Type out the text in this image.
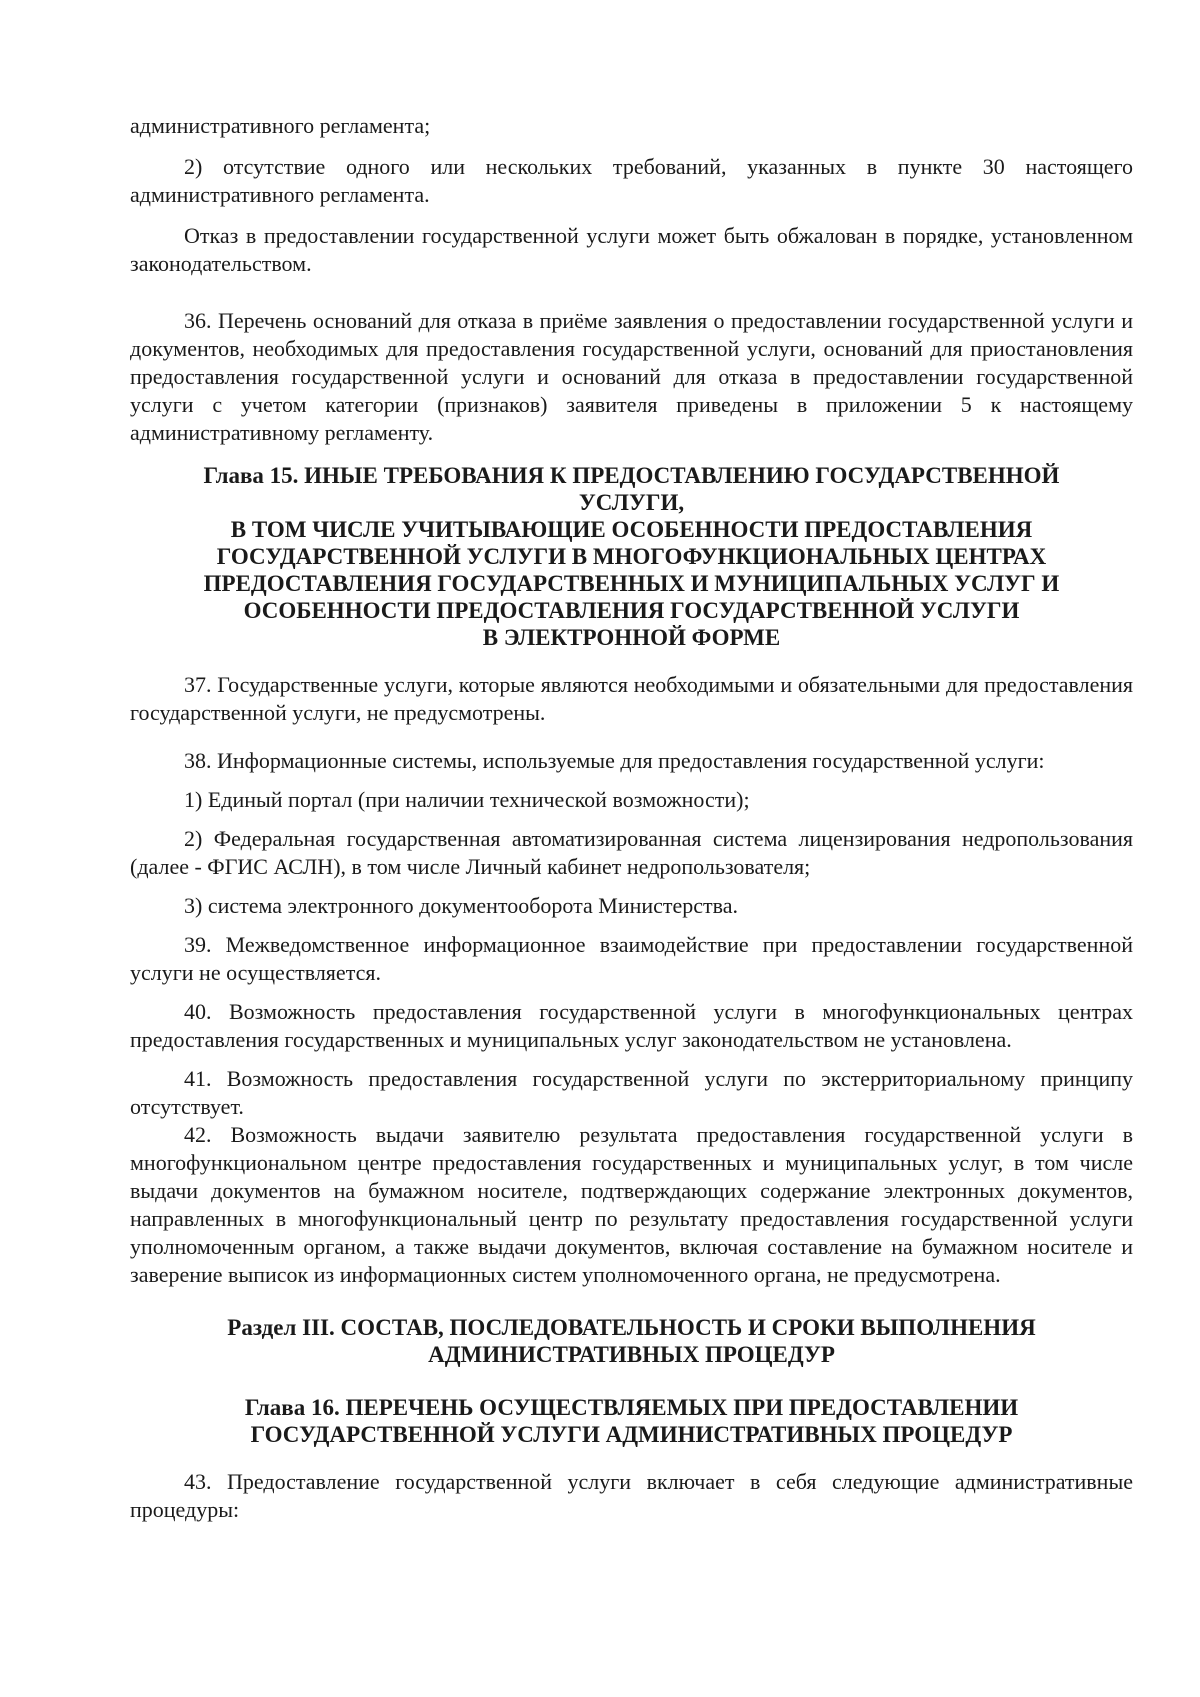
административного регламента;

2) отсутствие одного или нескольких требований, указанных в пункте 30 настоящего административного регламента.

Отказ в предоставлении государственной услуги может быть обжалован в порядке, установленном законодательством.

36. Перечень оснований для отказа в приёме заявления о предоставлении государственной услуги и документов, необходимых для предоставления государственной услуги, оснований для приостановления предоставления государственной услуги и оснований для отказа в предоставлении государственной услуги с учетом категории (признаков) заявителя приведены в приложении 5 к настоящему административному регламенту.

Глава 15. ИНЫЕ ТРЕБОВАНИЯ К ПРЕДОСТАВЛЕНИЮ ГОСУДАРСТВЕННОЙ
УСЛУГИ,
В ТОМ ЧИСЛЕ УЧИТЫВАЮЩИЕ ОСОБЕННОСТИ ПРЕДОСТАВЛЕНИЯ
ГОСУДАРСТВЕННОЙ УСЛУГИ В МНОГОФУНКЦИОНАЛЬНЫХ ЦЕНТРАХ
ПРЕДОСТАВЛЕНИЯ ГОСУДАРСТВЕННЫХ И МУНИЦИПАЛЬНЫХ УСЛУГ И
ОСОБЕННОСТИ ПРЕДОСТАВЛЕНИЯ ГОСУДАРСТВЕННОЙ УСЛУГИ
В ЭЛЕКТРОННОЙ ФОРМЕ

37. Государственные услуги, которые являются необходимыми и обязательными для предоставления государственной услуги, не предусмотрены.

38. Информационные системы, используемые для предоставления государственной услуги:

1) Единый портал (при наличии технической возможности);

2) Федеральная государственная автоматизированная система лицензирования недропользования (далее - ФГИС АСЛН), в том числе Личный кабинет недропользователя;

3) система электронного документооборота Министерства.

39. Межведомственное информационное взаимодействие при предоставлении государственной услуги не осуществляется.

40. Возможность предоставления государственной услуги в многофункциональных центрах предоставления государственных и муниципальных услуг законодательством не установлена.

41. Возможность предоставления государственной услуги по экстерриториальному принципу отсутствует.

42. Возможность выдачи заявителю результата предоставления государственной услуги в многофункциональном центре предоставления государственных и муниципальных услуг, в том числе выдачи документов на бумажном носителе, подтверждающих содержание электронных документов, направленных в многофункциональный центр по результату предоставления государственной услуги уполномоченным органом, а также выдачи документов, включая составление на бумажном носителе и заверение выписок из информационных систем уполномоченного органа, не предусмотрена.

Раздел III. СОСТАВ, ПОСЛЕДОВАТЕЛЬНОСТЬ И СРОКИ ВЫПОЛНЕНИЯ
АДМИНИСТРАТИВНЫХ ПРОЦЕДУР
Глава 16. ПЕРЕЧЕНЬ ОСУЩЕСТВЛЯЕМЫХ ПРИ ПРЕДОСТАВЛЕНИИ
ГОСУДАРСТВЕННОЙ УСЛУГИ АДМИНИСТРАТИВНЫХ ПРОЦЕДУР

43. Предоставление государственной услуги включает в себя следующие административные процедуры:
